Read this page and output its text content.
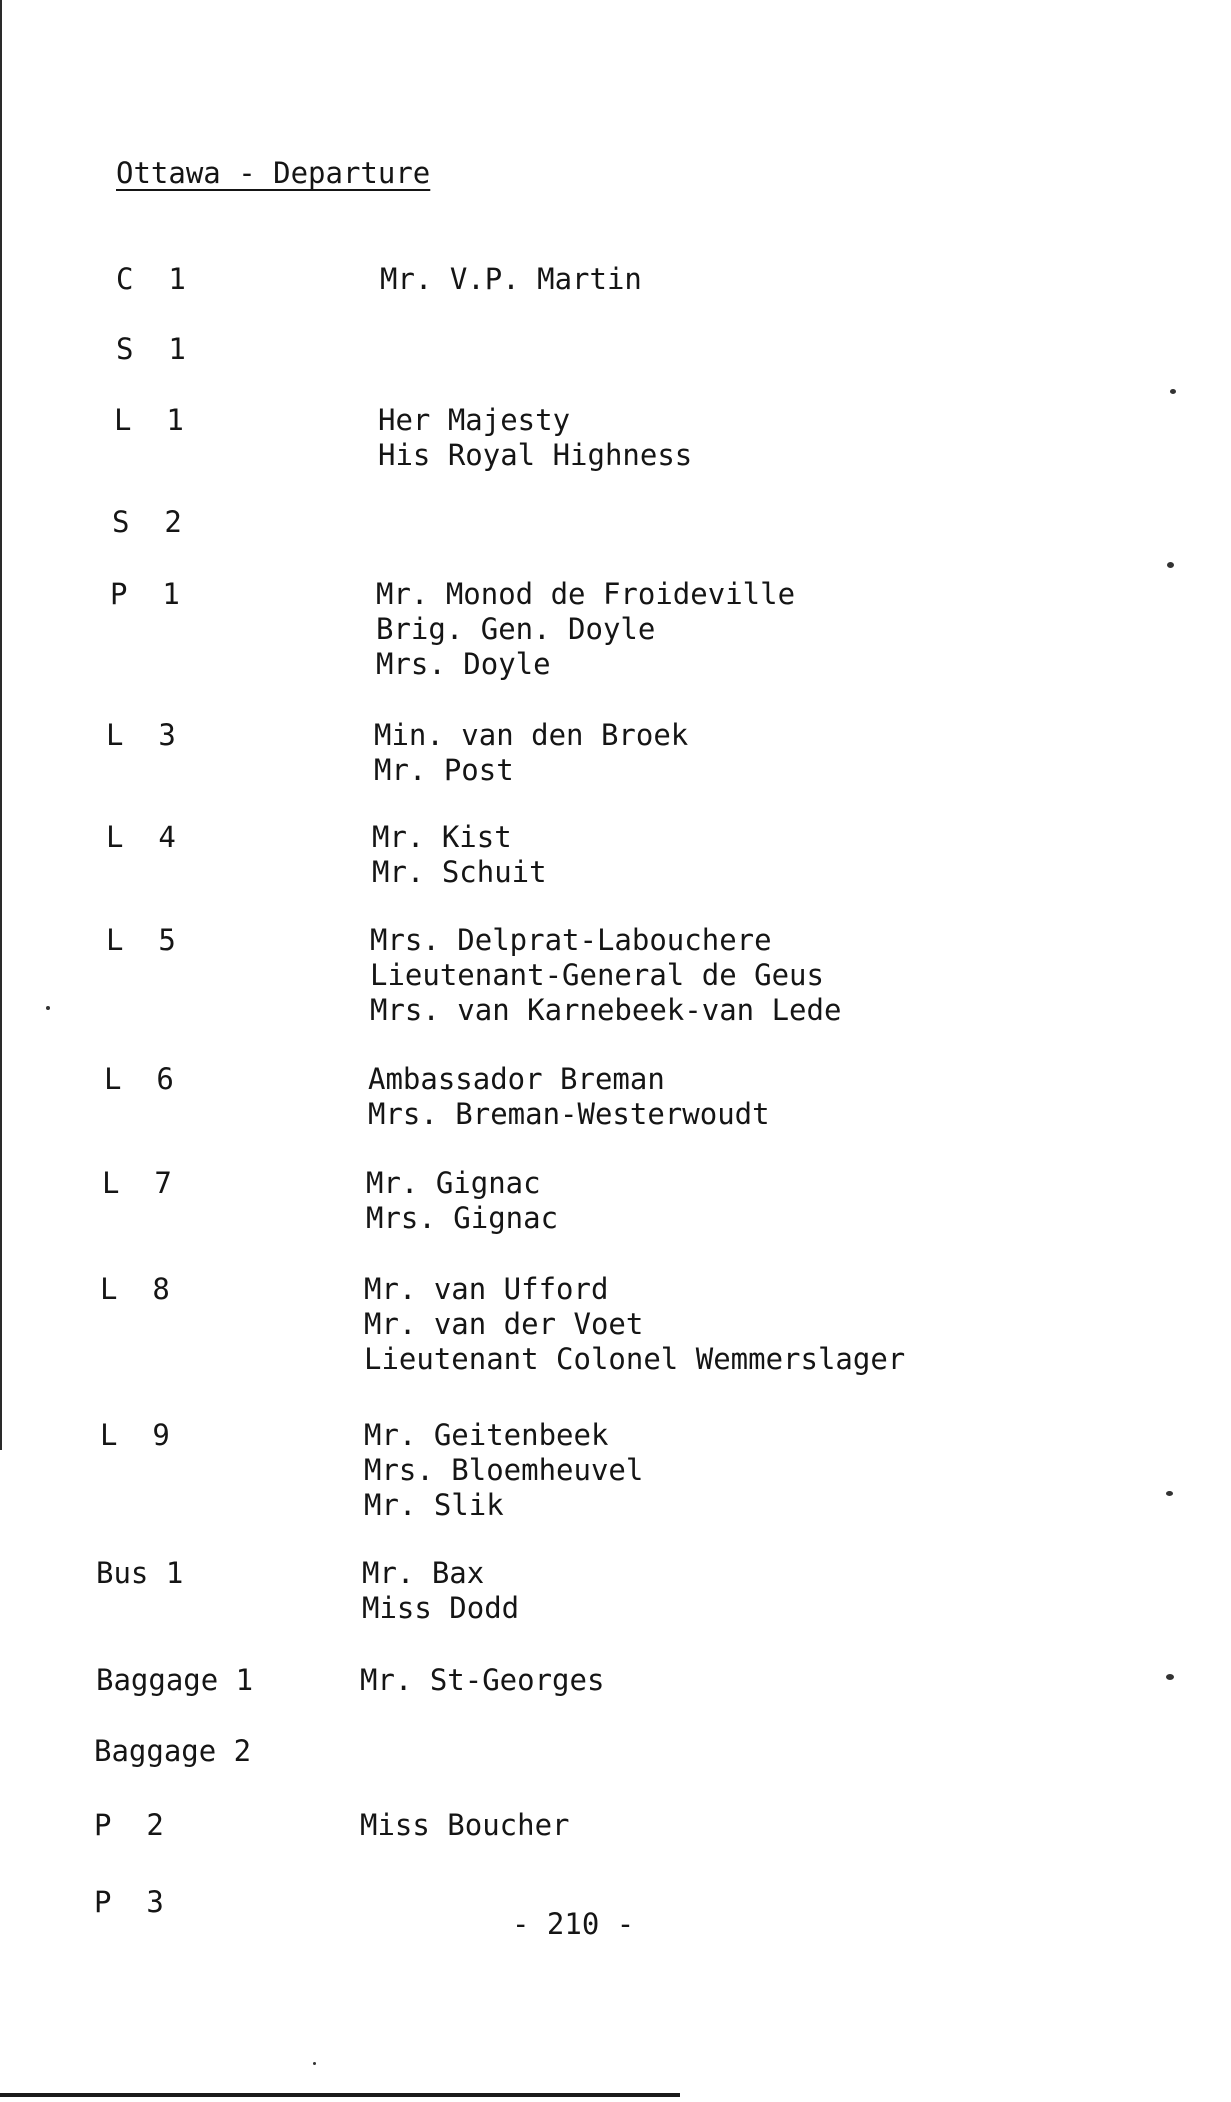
Ottawa - Departure
C  1	Mr. V.P. Martin
S  1
L  1	Her Majesty
His Royal Highness
S  2
P  1	Mr. Monod de Froideville
Brig. Gen. Doyle
Mrs. Doyle
L  3	Min. van den Broek
Mr. Post
L  4	Mr. Kist
Mr. Schuit
L  5	Mrs. Delprat-Labouchere
Lieutenant-General de Geus
Mrs. van Karnebeek-van Lede
L  6	Ambassador Breman
Mrs. Breman-Westerwoudt
L  7	Mr. Gignac
Mrs. Gignac
L  8	Mr. van Ufford
Mr. van der Voet
Lieutenant Colonel Wemmerslager
L  9	Mr. Geitenbeek
Mrs. Bloemheuvel
Mr. Slik
Bus 1	Mr. Bax
Miss Dodd
Baggage 1	Mr. St-Georges
Baggage 2
P  2	Miss Boucher
P  3
- 210 -
